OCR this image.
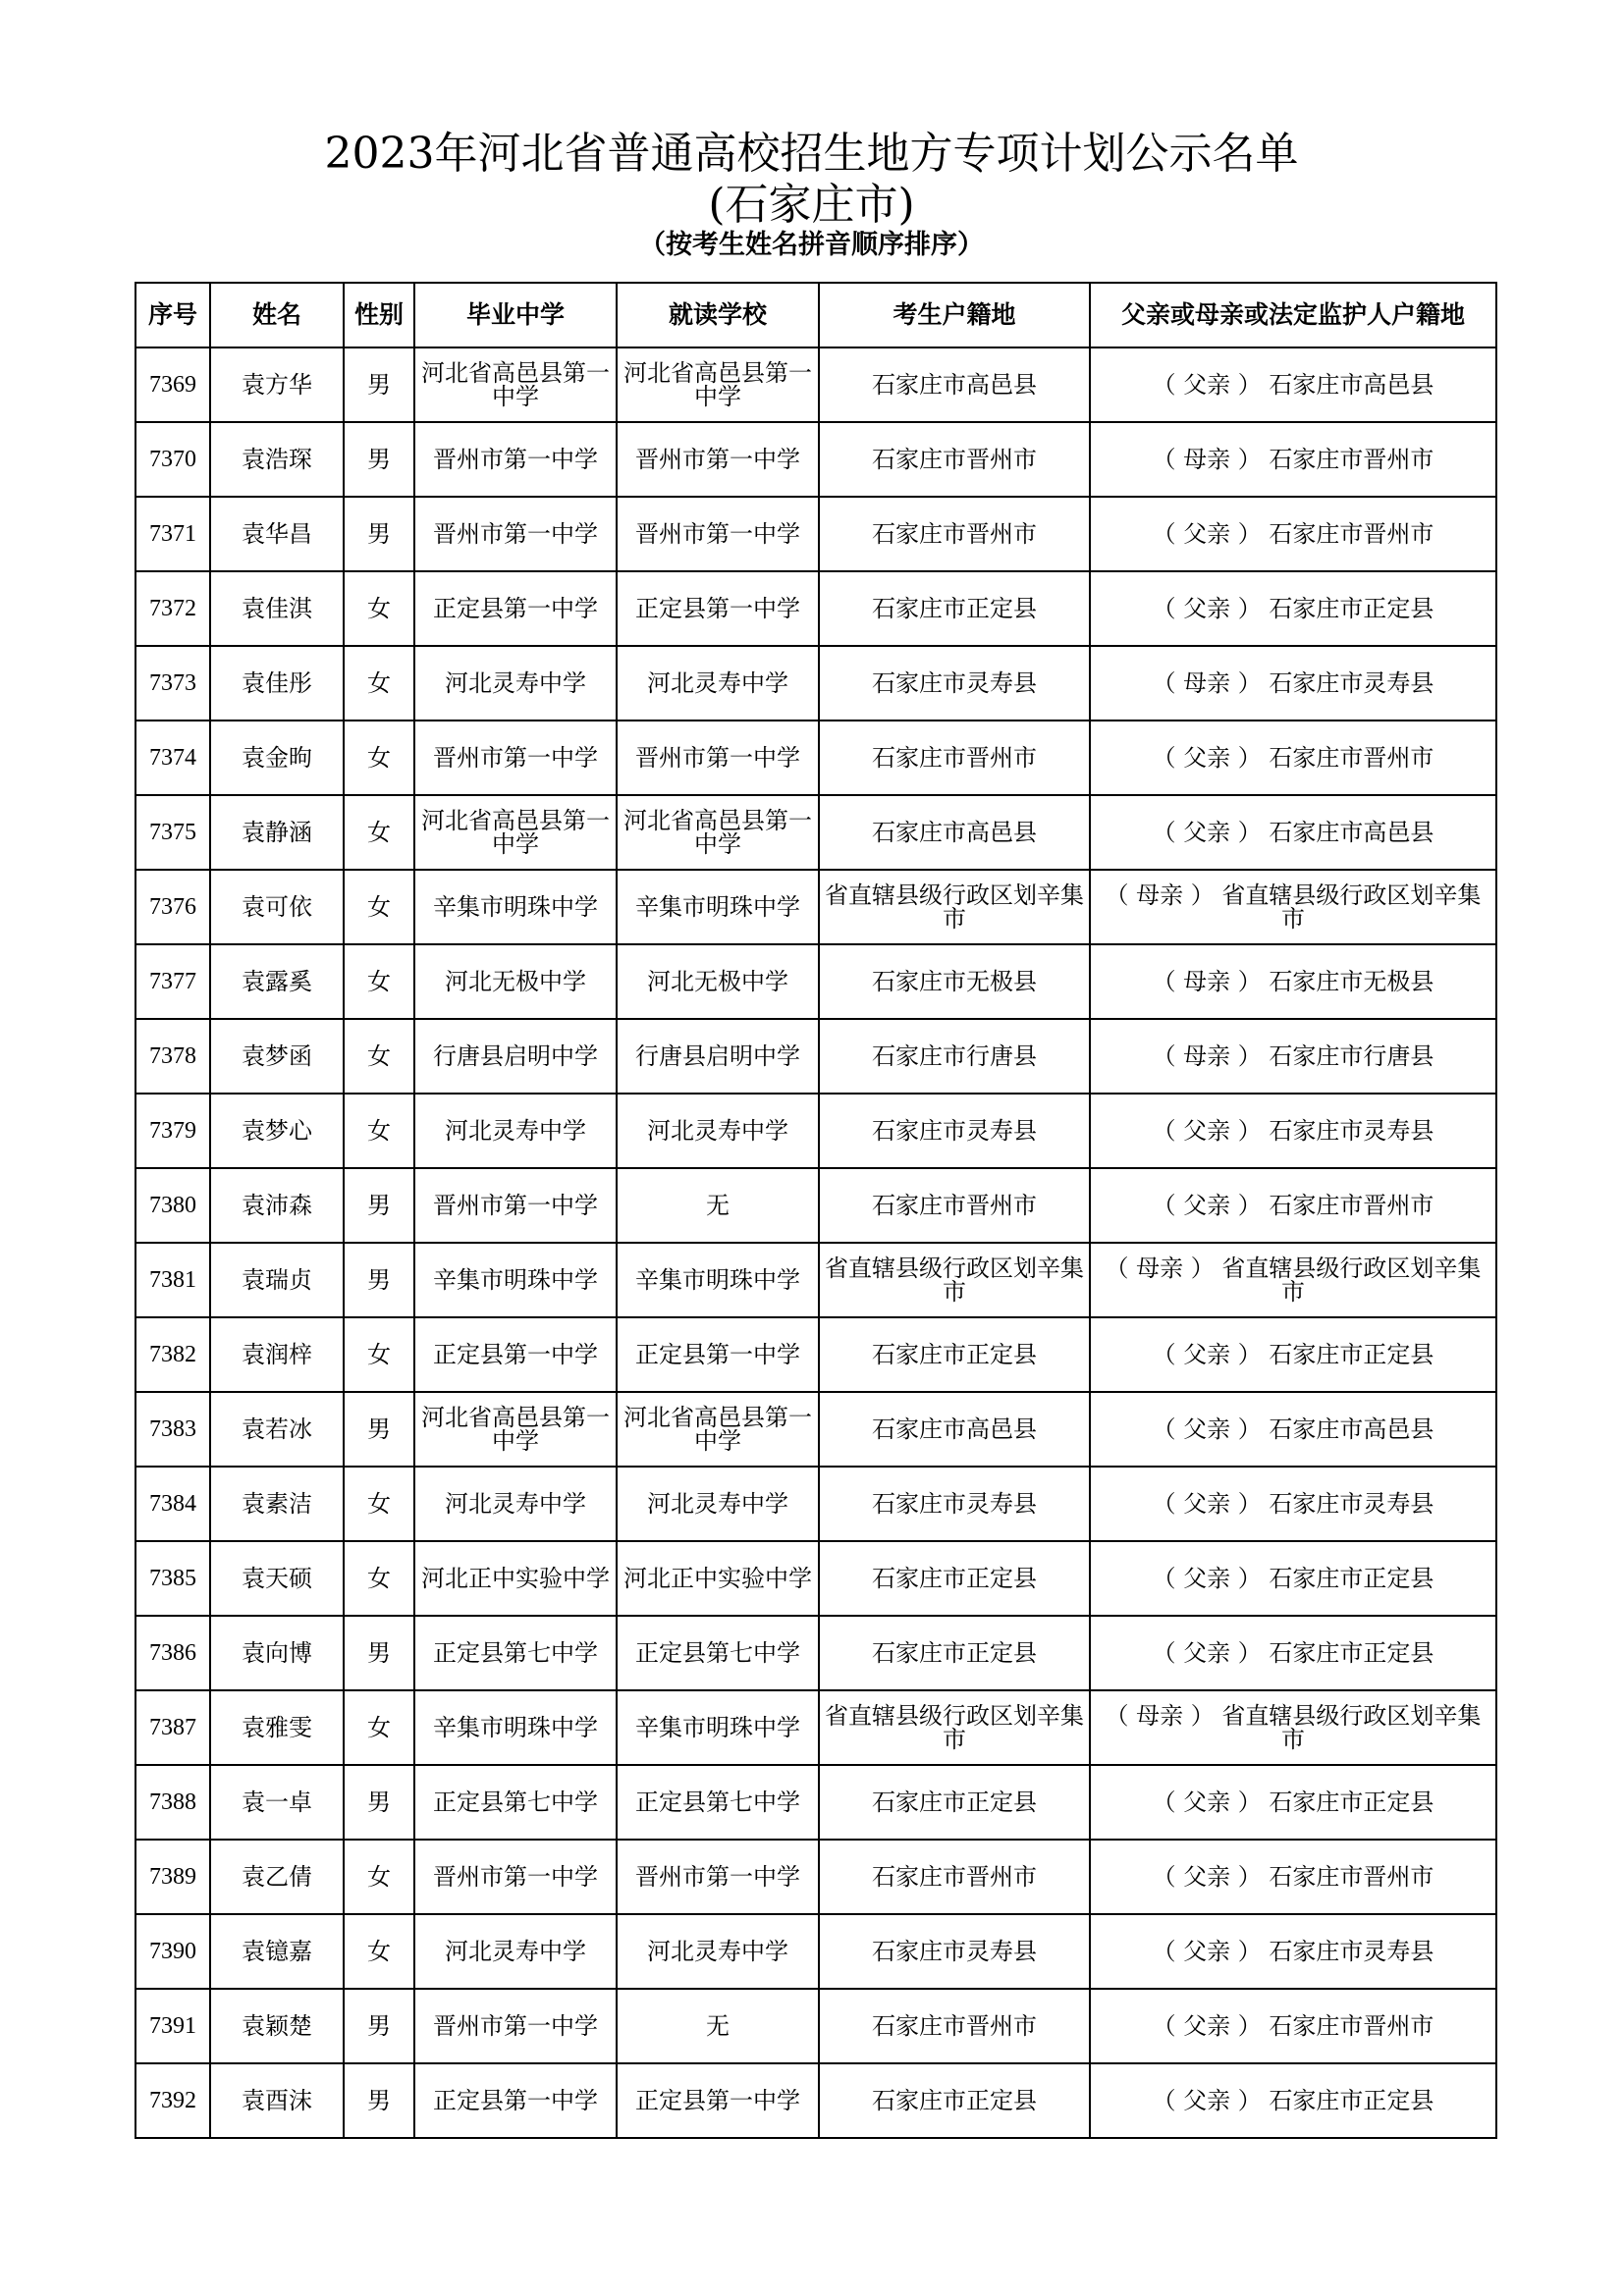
2023年河北省普通高校招生地方专项计划公示名单
(石家庄市)
（按考生姓名拼音顺序排序）
序号	姓名	性别	毕业中学	就读学校	考生户籍地	父亲或母亲或法定监护人户籍地
7369	袁方华	男	河北省高邑县第一中学	河北省高邑县第一中学	石家庄市高邑县	（ 父亲 ） 石家庄市高邑县
7370	袁浩琛	男	晋州市第一中学	晋州市第一中学	石家庄市晋州市	（ 母亲 ） 石家庄市晋州市
7371	袁华昌	男	晋州市第一中学	晋州市第一中学	石家庄市晋州市	（ 父亲 ） 石家庄市晋州市
7372	袁佳淇	女	正定县第一中学	正定县第一中学	石家庄市正定县	（ 父亲 ） 石家庄市正定县
7373	袁佳彤	女	河北灵寿中学	河北灵寿中学	石家庄市灵寿县	（ 母亲 ） 石家庄市灵寿县
7374	袁金昫	女	晋州市第一中学	晋州市第一中学	石家庄市晋州市	（ 父亲 ） 石家庄市晋州市
7375	袁静涵	女	河北省高邑县第一中学	河北省高邑县第一中学	石家庄市高邑县	（ 父亲 ） 石家庄市高邑县
7376	袁可依	女	辛集市明珠中学	辛集市明珠中学	省直辖县级行政区划辛集市	（ 母亲 ） 省直辖县级行政区划辛集市
7377	袁露奚	女	河北无极中学	河北无极中学	石家庄市无极县	（ 母亲 ） 石家庄市无极县
7378	袁梦函	女	行唐县启明中学	行唐县启明中学	石家庄市行唐县	（ 母亲 ） 石家庄市行唐县
7379	袁梦心	女	河北灵寿中学	河北灵寿中学	石家庄市灵寿县	（ 父亲 ） 石家庄市灵寿县
7380	袁沛森	男	晋州市第一中学	无	石家庄市晋州市	（ 父亲 ） 石家庄市晋州市
7381	袁瑞贞	男	辛集市明珠中学	辛集市明珠中学	省直辖县级行政区划辛集市	（ 母亲 ） 省直辖县级行政区划辛集市
7382	袁润梓	女	正定县第一中学	正定县第一中学	石家庄市正定县	（ 父亲 ） 石家庄市正定县
7383	袁若冰	男	河北省高邑县第一中学	河北省高邑县第一中学	石家庄市高邑县	（ 父亲 ） 石家庄市高邑县
7384	袁素洁	女	河北灵寿中学	河北灵寿中学	石家庄市灵寿县	（ 父亲 ） 石家庄市灵寿县
7385	袁天硕	女	河北正中实验中学	河北正中实验中学	石家庄市正定县	（ 父亲 ） 石家庄市正定县
7386	袁向博	男	正定县第七中学	正定县第七中学	石家庄市正定县	（ 父亲 ） 石家庄市正定县
7387	袁雅雯	女	辛集市明珠中学	辛集市明珠中学	省直辖县级行政区划辛集市	（ 母亲 ） 省直辖县级行政区划辛集市
7388	袁一卓	男	正定县第七中学	正定县第七中学	石家庄市正定县	（ 父亲 ） 石家庄市正定县
7389	袁乙倩	女	晋州市第一中学	晋州市第一中学	石家庄市晋州市	（ 父亲 ） 石家庄市晋州市
7390	袁镱嘉	女	河北灵寿中学	河北灵寿中学	石家庄市灵寿县	（ 父亲 ） 石家庄市灵寿县
7391	袁颖楚	男	晋州市第一中学	无	石家庄市晋州市	（ 父亲 ） 石家庄市晋州市
7392	袁酉沫	男	正定县第一中学	正定县第一中学	石家庄市正定县	（ 父亲 ） 石家庄市正定县
